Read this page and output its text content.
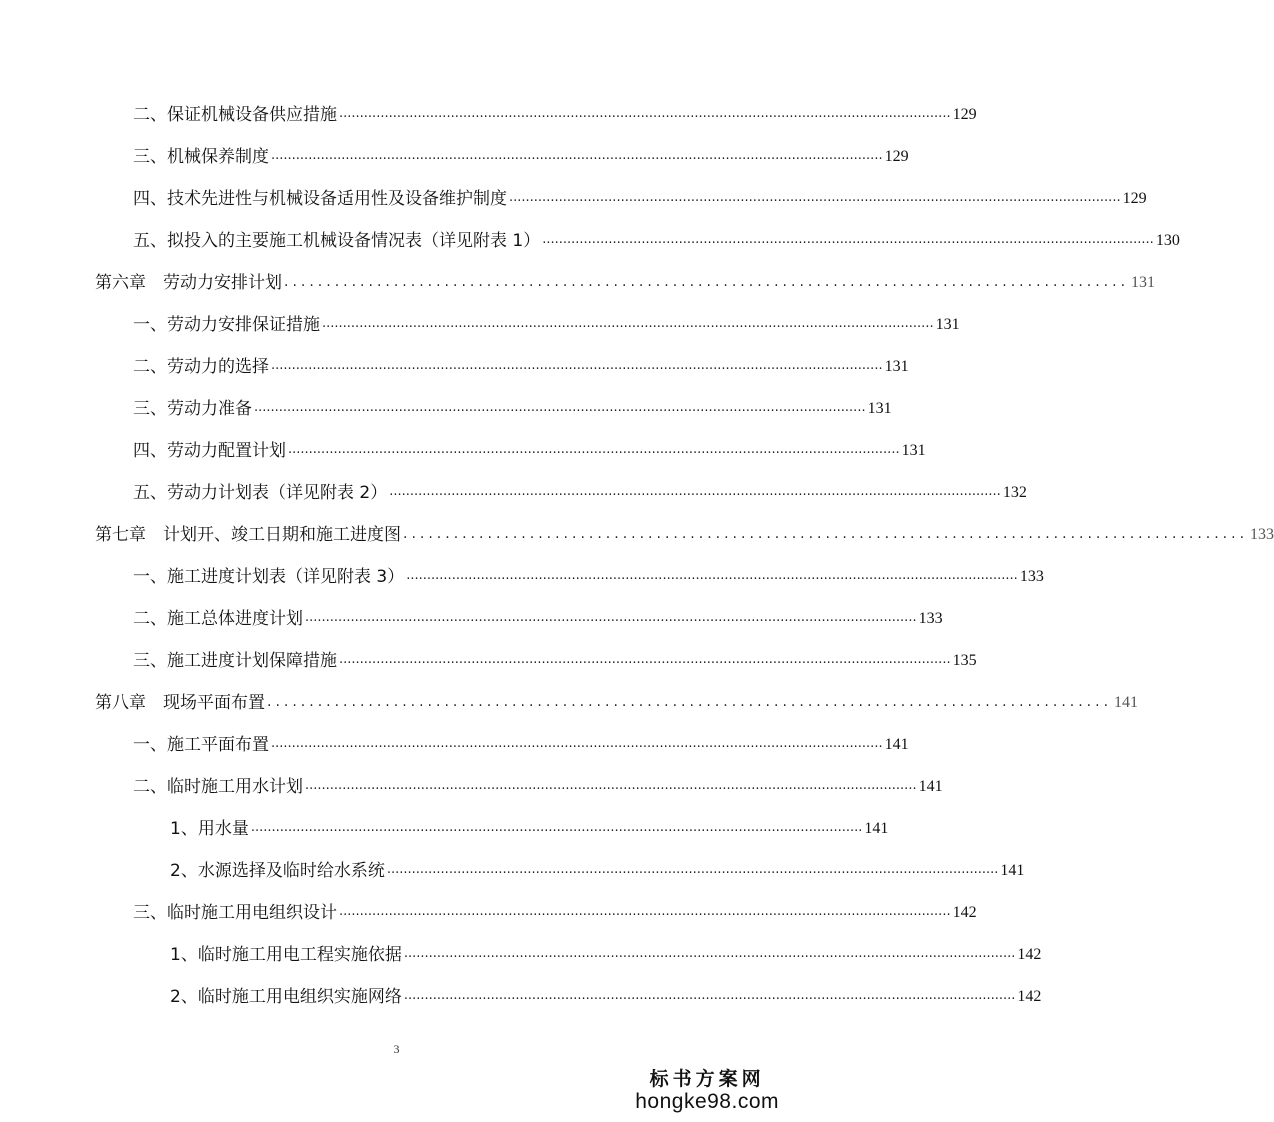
二、保证机械设备供应措施 .................................................................................................................................................... 129
三、机械保养制度 .................................................................................................................................................... 129
四、技术先进性与机械设备适用性及设备维护制度 .................................................................................................................................................... 129
五、拟投入的主要施工机械设备情况表（详见附表 1） .................................................................................................................................................... 130
第六章　劳动力安排计划 .................................................................................................... 131
一、劳动力安排保证措施 .................................................................................................................................................... 131
二、劳动力的选择 .................................................................................................................................................... 131
三、劳动力准备 .................................................................................................................................................... 131
四、劳动力配置计划 .................................................................................................................................................... 131
五、劳动力计划表（详见附表 2） .................................................................................................................................................... 132
第七章　计划开、竣工日期和施工进度图 .................................................................................................... 133
一、施工进度计划表（详见附表 3） .................................................................................................................................................... 133
二、施工总体进度计划 .................................................................................................................................................... 133
三、施工进度计划保障措施 .................................................................................................................................................... 135
第八章　现场平面布置 .................................................................................................... 141
一、施工平面布置 .................................................................................................................................................... 141
二、临时施工用水计划 .................................................................................................................................................... 141
1、用水量 .................................................................................................................................................... 141
2、水源选择及临时给水系统 .................................................................................................................................................... 141
三、临时施工用电组织设计 .................................................................................................................................................... 142
1、临时施工用电工程实施依据 .................................................................................................................................................... 142
2、临时施工用电组织实施网络 .................................................................................................................................................... 142
3
标书方案网
hongke98.com
